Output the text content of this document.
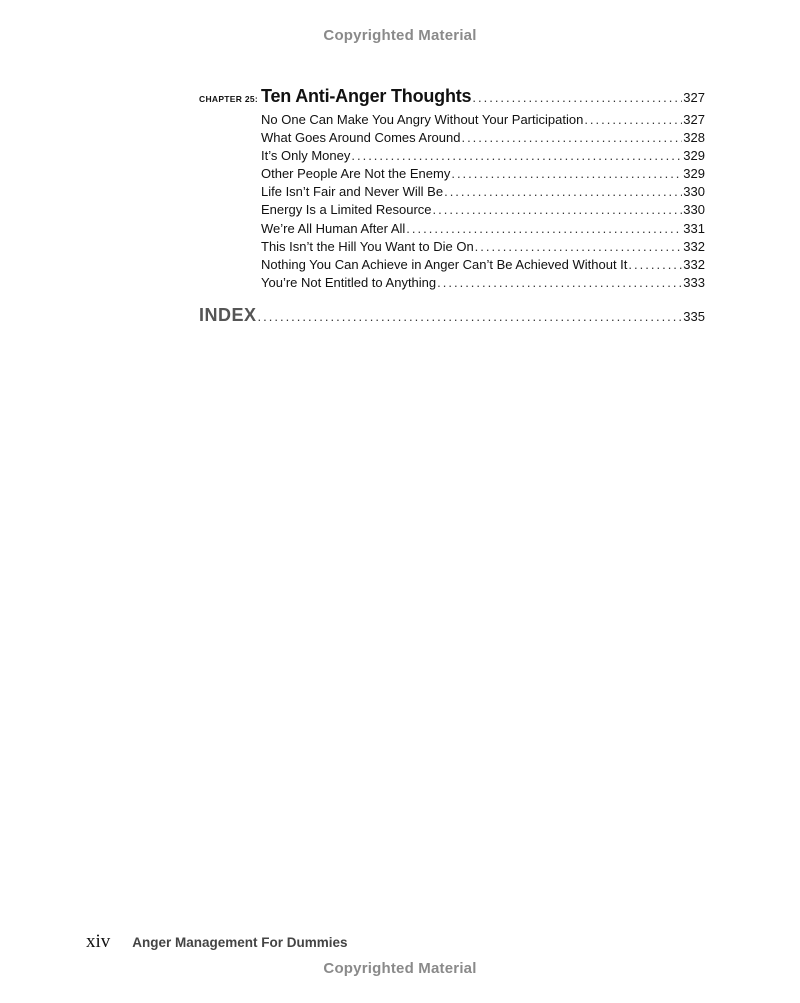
Copyrighted Material
CHAPTER 25: Ten Anti-Anger Thoughts .....	327
No One Can Make You Angry Without Your Participation .....	327
What Goes Around Comes Around .....	328
It’s Only Money .....	329
Other People Are Not the Enemy .....	329
Life Isn’t Fair and Never Will Be .....	330
Energy Is a Limited Resource .....	330
We’re All Human After All .....	331
This Isn’t the Hill You Want to Die On .....	332
Nothing You Can Achieve in Anger Can’t Be Achieved Without It .....	332
You’re Not Entitled to Anything .....	333
INDEX .....	335
xiv Anger Management For Dummies
Copyrighted Material
